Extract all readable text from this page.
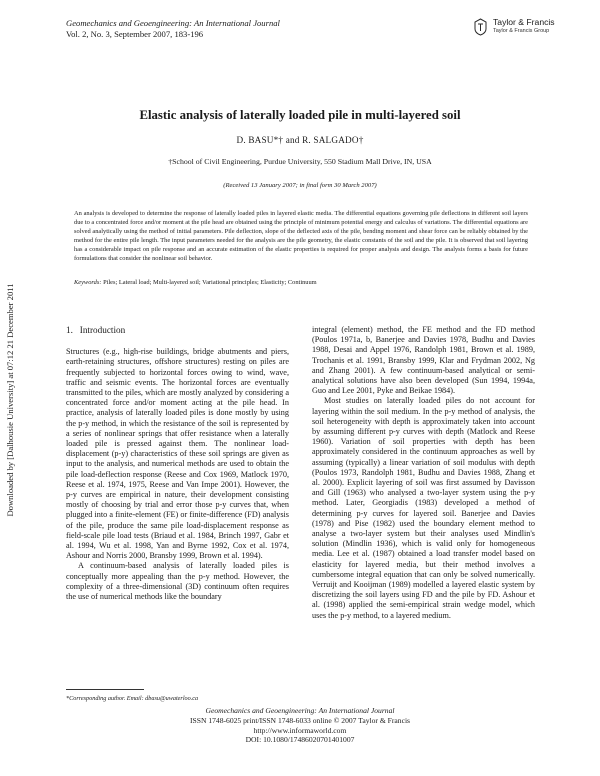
Geomechanics and Geoengineering: An International Journal
Vol. 2, No. 3, September 2007, 183-196
Taylor & Francis
Taylor & Francis Group
Downloaded by [Dalhousie University] at 07:12 21 December 2011
Elastic analysis of laterally loaded pile in multi-layered soil
D. BASU*† and R. SALGADO†
†School of Civil Engineering, Purdue University, 550 Stadium Mall Drive, IN, USA
(Received 13 January 2007; in final form 30 March 2007)
An analysis is developed to determine the response of laterally loaded piles in layered elastic media. The differential equations governing pile deflections in different soil layers due to a concentrated force and/or moment at the pile head are obtained using the principle of minimum potential energy and calculus of variations. The differential equations are solved analytically using the method of initial parameters. Pile deflection, slope of the deflected axis of the pile, bending moment and shear force can be reliably obtained by the method for the entire pile length. The input parameters needed for the analysis are the pile geometry, the elastic constants of the soil and the pile. It is observed that soil layering has a considerable impact on pile response and an accurate estimation of the elastic properties is required for proper analysis and design. The analysis forms a basis for future formulations that consider the nonlinear soil behavior.
Keywords: Piles; Lateral load; Multi-layered soil; Variational principles; Elasticity; Continuum
1. Introduction

Structures (e.g., high-rise buildings, bridge abutments and piers, earth-retaining structures, offshore structures) resting on piles are frequently subjected to horizontal forces owing to wind, wave, traffic and seismic events. The horizontal forces are eventually transmitted to the piles, which are mostly analyzed by considering a concentrated force and/or moment acting at the pile head. In practice, analysis of laterally loaded piles is done mostly by using the p-y method, in which the resistance of the soil is represented by a series of nonlinear springs that offer resistance when a laterally loaded pile is pressed against them. The nonlinear load-displacement (p-y) characteristics of these soil springs are given as input to the analysis, and numerical methods are used to obtain the pile load-deflection response (Reese and Cox 1969, Matlock 1970, Reese et al. 1974, 1975, Reese and Van Impe 2001). However, the p-y curves are empirical in nature, their development consisting mostly of choosing by trial and error those p-y curves that, when plugged into a finite-element (FE) or finite-difference (FD) analysis of the pile, produce the same pile load-displacement response as field-scale pile load tests (Briaud et al. 1984, Brinch 1997, Gabr et al. 1994, Wu et al. 1998, Yan and Byrne 1992, Cox et al. 1974, Ashour and Norris 2000, Bransby 1999, Brown et al. 1994).

A continuum-based analysis of laterally loaded piles is conceptually more appealing than the p-y method. However, the complexity of a three-dimensional (3D) continuum often requires the use of numerical methods like the boundary

integral (element) method, the FE method and the FD method (Poulos 1971a, b, Banerjee and Davies 1978, Budhu and Davies 1988, Desai and Appel 1976, Randolph 1981, Brown et al. 1989, Trochanis et al. 1991, Bransby 1999, Klar and Frydman 2002, Ng and Zhang 2001). A few continuum-based analytical or semi-analytical solutions have also been developed (Sun 1994, 1994a, Guo and Lee 2001, Pyke and Beikae 1984).

Most studies on laterally loaded piles do not account for layering within the soil medium. In the p-y method of analysis, the soil heterogeneity with depth is approximately taken into account by assuming different p-y curves with depth (Matlock and Reese 1960). Variation of soil properties with depth has been approximately considered in the continuum approaches as well by assuming (typically) a linear variation of soil modulus with depth (Poulos 1973, Randolph 1981, Budhu and Davies 1988, Zhang et al. 2000). Explicit layering of soil was first assumed by Davisson and Gill (1963) who analysed a two-layer system using the p-y method. Later, Georgiadis (1983) developed a method of determining p-y curves for layered soil. Banerjee and Davies (1978) and Pise (1982) used the boundary element method to analyse a two-layer system but their analyses used Mindlin's solution (Mindlin 1936), which is valid only for homogeneous media. Lee et al. (1987) obtained a load transfer model based on elasticity for layered media, but their method involves a cumbersome integral equation that can only be solved numerically. Verruijt and Kooijman (1989) modelled a layered elastic system by discretizing the soil layers using FD and the pile by FD. Ashour et al. (1998) applied the semi-empirical strain wedge model, which uses the p-y method, to a layered medium.

*Corresponding author. Email: dbasu@uwaterloo.ca
Geomechanics and Geoengineering: An International Journal
ISSN 1748-6025 print/ISSN 1748-6033 online © 2007 Taylor & Francis
http://www.informaworld.com
DOI: 10.1080/17486020701401007
